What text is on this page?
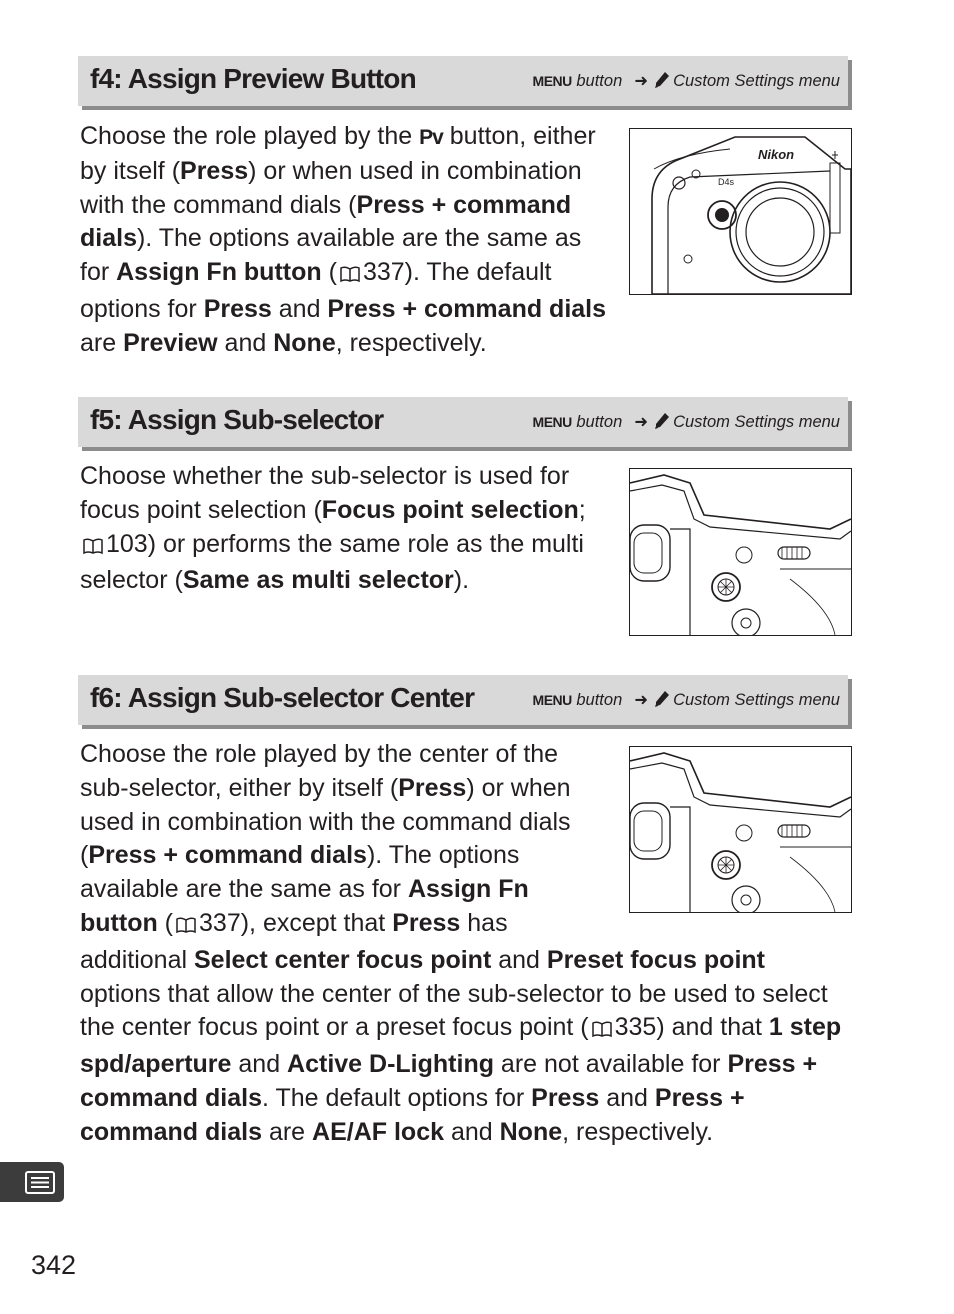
f4: Assign Preview Button	MENU button ➜ Custom Settings menu
Nikon
D4s
Choose the role played by the Pv button, either by itself (Press) or when used in combination with the command dials (Press + command dials). The options available are the same as for Assign Fn button ( 337). The default options for Press and Press + command dials are Preview and None, respectively.
f5: Assign Sub-selector	MENU button ➜ Custom Settings menu
Choose whether the sub-selector is used for focus point selection (Focus point selection; 103) or performs the same role as the multi selector (Same as multi selector).
f6: Assign Sub-selector Center	MENU button ➜ Custom Settings menu
Choose the role played by the center of the sub-selector, either by itself (Press) or when used in combination with the command dials (Press + command dials). The options available are the same as for Assign Fn button ( 337), except that Press has additional Select center focus point and Preset focus point options that allow the center of the sub-selector to be used to select the center focus point or a preset focus point ( 335) and that 1 step spd/aperture and Active D-Lighting are not available for Press + command dials. The default options for Press and Press + command dials are AE/AF lock and None, respectively.
342
